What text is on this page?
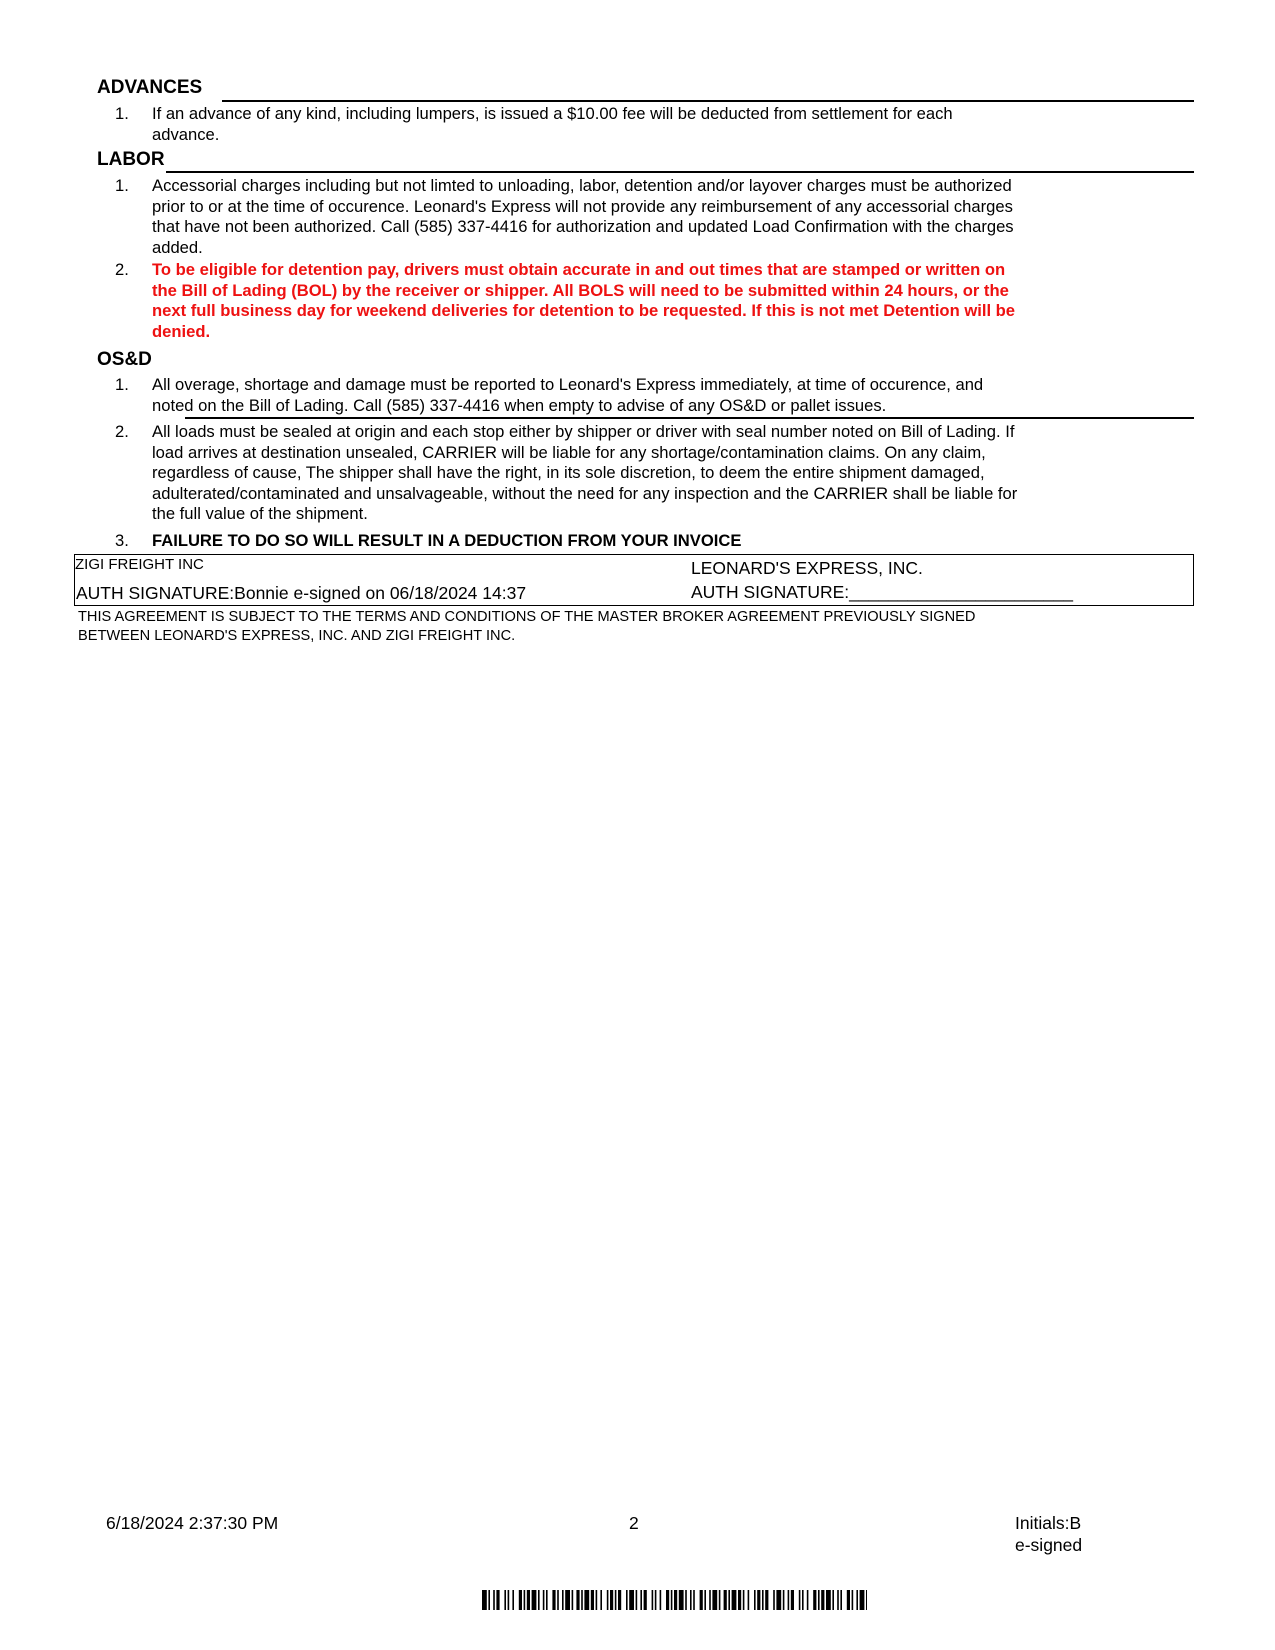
ADVANCES
1.	If an advance of any kind, including lumpers, is issued a $10.00 fee will be deducted from settlement for each
advance.
LABOR
1.	Accessorial charges including but not limted to unloading, labor, detention and/or layover charges must be authorized
prior to or at the time of occurence. Leonard's Express will not provide any reimbursement of any accessorial charges
that have not been authorized. Call (585) 337-4416 for authorization and updated Load Confirmation with the charges
added.
2.	To be eligible for detention pay, drivers must obtain accurate in and out times that are stamped or written on
the Bill of Lading (BOL) by the receiver or shipper. All BOLS will need to be submitted within 24 hours, or the
next full business day for weekend deliveries for detention to be requested. If this is not met Detention will be
denied.
OS&D
1.	All overage, shortage and damage must be reported to Leonard's Express immediately, at time of occurence, and
noted on the Bill of Lading. Call (585) 337-4416 when empty to advise of any OS&D or pallet issues.
2.	All loads must be sealed at origin and each stop either by shipper or driver with seal number noted on Bill of Lading. If
load arrives at destination unsealed, CARRIER will be liable for any shortage/contamination claims. On any claim,
regardless of cause, The shipper shall have the right, in its sole discretion, to deem the entire shipment damaged,
adulterated/contaminated and unsalvageable, without the need for any inspection and the CARRIER shall be liable for
the full value of the shipment.
3.	FAILURE TO DO SO WILL RESULT IN A DEDUCTION FROM YOUR INVOICE
ZIGI FREIGHT INC
AUTH SIGNATURE:Bonnie e-signed on 06/18/2024 14:37
LEONARD'S EXPRESS, INC.
AUTH SIGNATURE:_______________________
THIS AGREEMENT IS SUBJECT TO THE TERMS AND CONDITIONS OF THE MASTER BROKER AGREEMENT PREVIOUSLY SIGNED
BETWEEN LEONARD'S EXPRESS, INC. AND ZIGI FREIGHT INC.
6/18/2024 2:37:30 PM	2	Initials:B
e-signed
